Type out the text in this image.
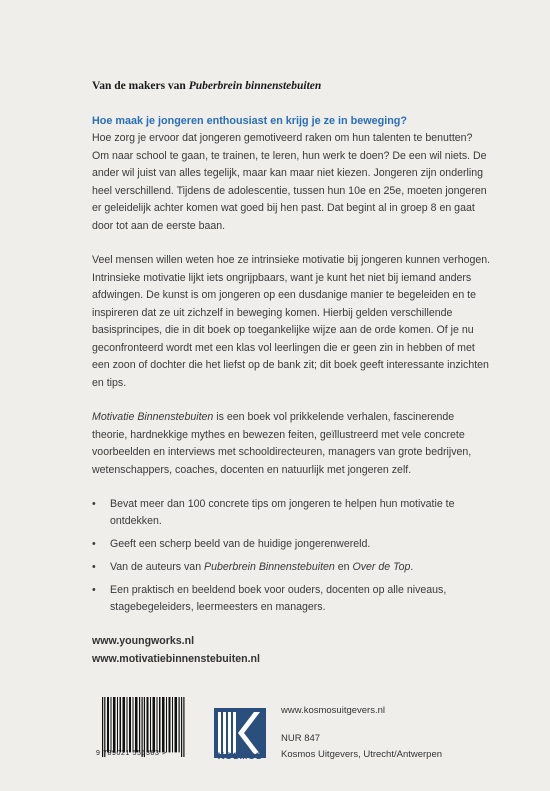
Van de makers van Puberbrein binnenstebuiten

Hoe maak je jongeren enthousiast en krijg je ze in beweging?

Hoe zorg je ervoor dat jongeren gemotiveerd raken om hun talenten te benutten? Om naar school te gaan, te trainen, te leren, hun werk te doen? De een wil niets. De ander wil juist van alles tegelijk, maar kan maar niet kiezen. Jongeren zijn onderling heel verschillend. Tijdens de adolescentie, tussen hun 10e en 25e, moeten jongeren er geleidelijk achter komen wat goed bij hen past. Dat begint al in groep 8 en gaat door tot aan de eerste baan.

Veel mensen willen weten hoe ze intrinsieke motivatie bij jongeren kunnen verhogen. Intrinsieke motivatie lijkt iets ongrijpbaars, want je kunt het niet bij iemand anders afdwingen. De kunst is om jongeren op een dusdanige manier te begeleiden en te inspireren dat ze uit zichzelf in beweging komen. Hierbij gelden verschillende basisprincipes, die in dit boek op toegankelijke wijze aan de orde komen. Of je nu geconfronteerd wordt met een klas vol leerlingen die er geen zin in hebben of met een zoon of dochter die het liefst op de bank zit; dit boek geeft interessante inzichten en tips.

Motivatie Binnenstebuiten is een boek vol prikkelende verhalen, fascinerende theorie, hardnekkige mythes en bewezen feiten, geïllustreerd met vele concrete voorbeelden en interviews met schooldirecteuren, managers van grote bedrijven, wetenschappers, coaches, docenten en natuurlijk met jongeren zelf.

• Bevat meer dan 100 concrete tips om jongeren te helpen hun motivatie te ontdekken.
• Geeft een scherp beeld van de huidige jongerenwereld.
• Van de auteurs van Puberbrein Binnenstebuiten en Over de Top.
• Een praktisch en beeldend boek voor ouders, docenten op alle niveaus, stagebegeleiders, leermeesters en managers.
www.youngworks.nl
www.motivatiebinnenstebuiten.nl
9 789021 556383 >	KOSMOS
www.kosmosuitgevers.nl
NUR 847
Kosmos Uitgevers, Utrecht/Antwerpen
